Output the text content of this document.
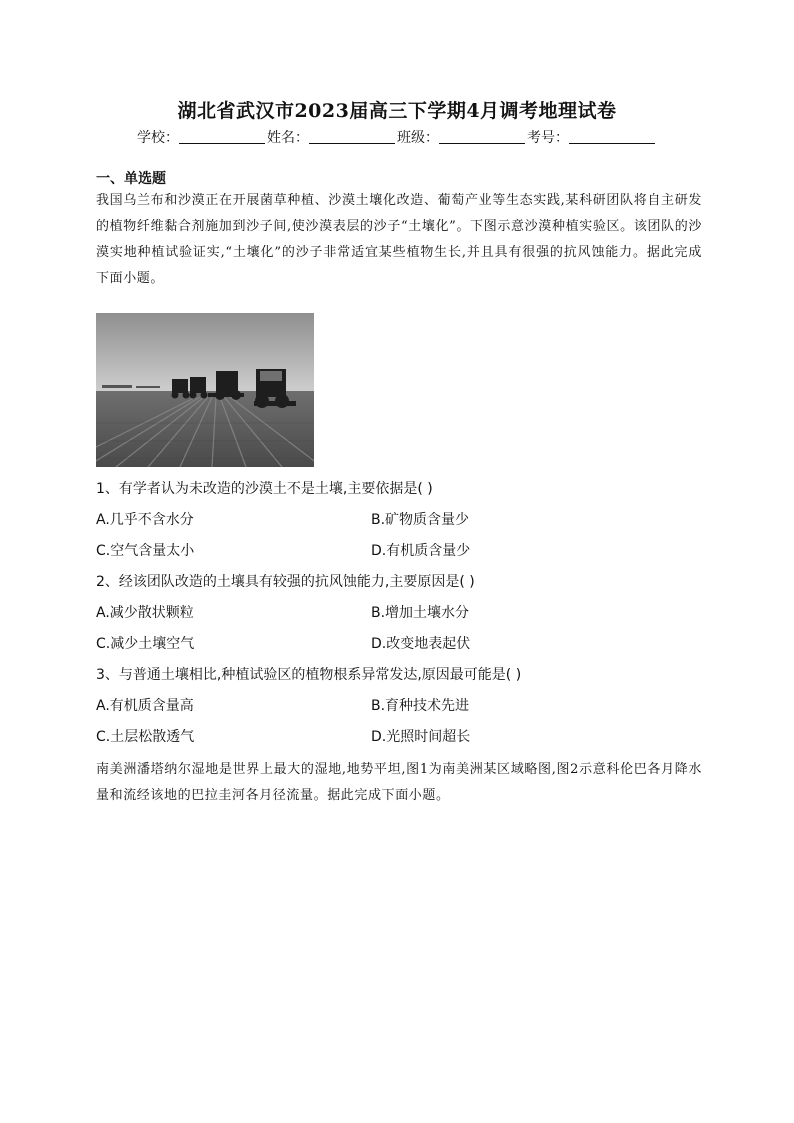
湖北省武汉市2023届高三下学期4月调考地理试卷
学校：	姓名：	班级：	考号：
一、单选题
我国乌兰布和沙漠正在开展菌草种植、沙漠土壤化改造、葡萄产业等生态实践,某科研团队将自主研发的植物纤维黏合剂施加到沙子间,使沙漠表层的沙子“土壤化”。下图示意沙漠种植实验区。该团队的沙漠实地种植试验证实,“土壤化”的沙子非常适宜某些植物生长,并且具有很强的抗风蚀能力。据此完成下面小题。
1、有学者认为未改造的沙漠土不是土壤,主要依据是( )
A.几乎不含水分	B.矿物质含量少
C.空气含量太小	D.有机质含量少
2、经该团队改造的土壤具有较强的抗风蚀能力,主要原因是( )
A.减少散状颗粒	B.增加土壤水分
C.减少土壤空气	D.改变地表起伏
3、与普通土壤相比,种植试验区的植物根系异常发达,原因最可能是( )
A.有机质含量高	B.育种技术先进
C.土层松散透气	D.光照时间超长
南美洲潘塔纳尔湿地是世界上最大的湿地,地势平坦,图1为南美洲某区域略图,图2示意科伦巴各月降水量和流经该地的巴拉圭河各月径流量。据此完成下面小题。
